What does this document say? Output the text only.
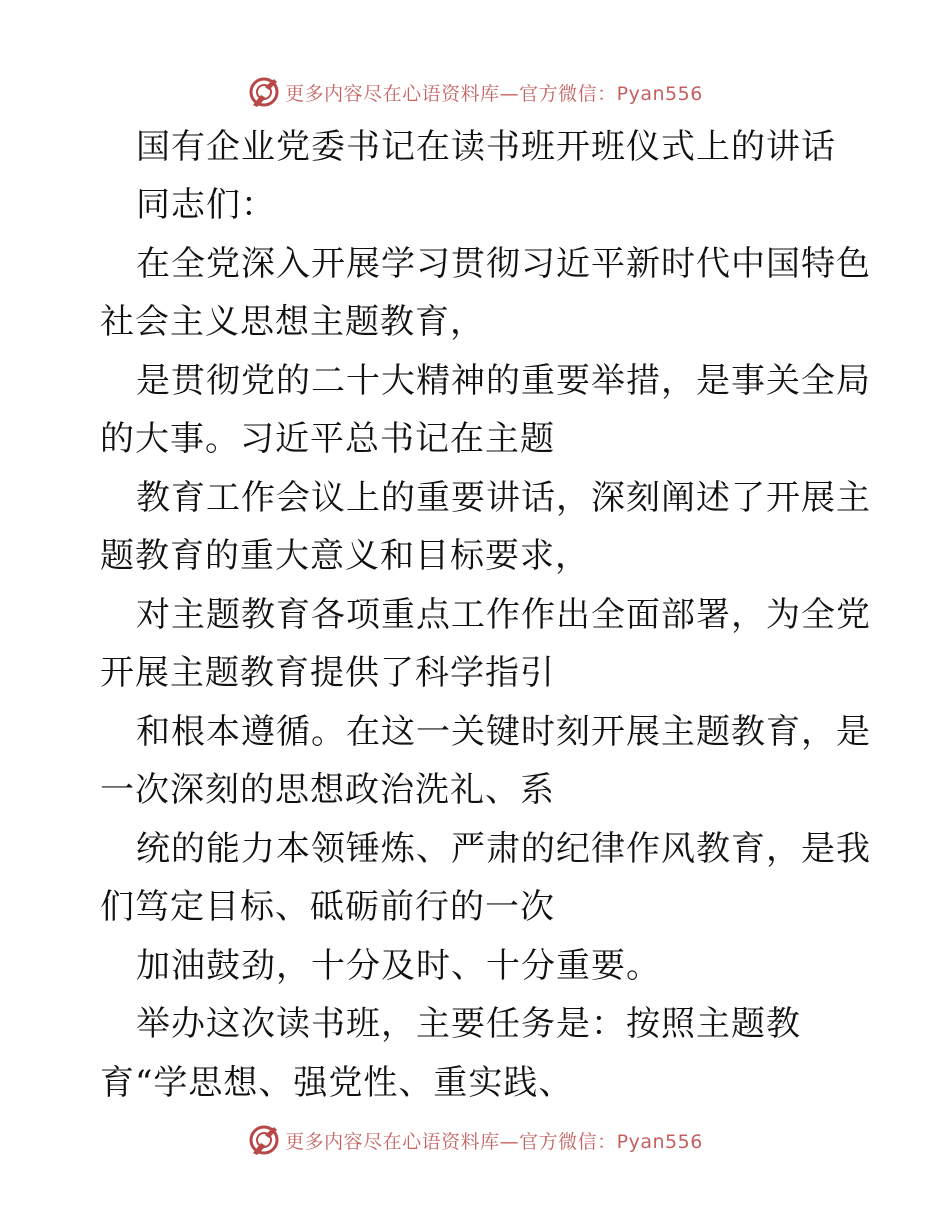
更多内容尽在心语资料库—官方微信：Pyan556
国有企业党委书记在读书班开班仪式上的讲话
同志们：
在全党深入开展学习贯彻习近平新时代中国特色
社会主义思想主题教育，
是贯彻党的二十大精神的重要举措，是事关全局
的大事。习近平总书记在主题
教育工作会议上的重要讲话，深刻阐述了开展主
题教育的重大意义和目标要求，
对主题教育各项重点工作作出全面部署，为全党
开展主题教育提供了科学指引
和根本遵循。在这一关键时刻开展主题教育，是
一次深刻的思想政治洗礼、系
统的能力本领锤炼、严肃的纪律作风教育，是我
们笃定目标、砥砺前行的一次
加油鼓劲，十分及时、十分重要。
举办这次读书班，主要任务是：按照主题教
育“学思想、强党性、重实践、
更多内容尽在心语资料库—官方微信：Pyan556
